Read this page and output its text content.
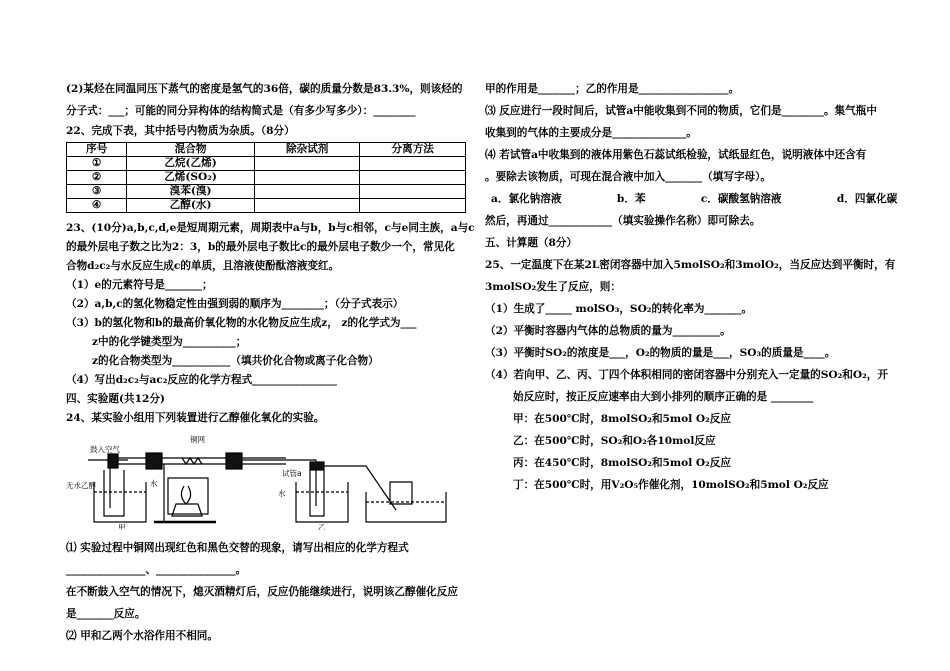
(2)某烃在同温同压下蒸气的密度是氢气的36倍，碳的质量分数是83.3%，则该烃的
分子式：___；可能的同分异构体的结构简式是（有多少写多少）：________
22、完成下表，其中括号内物质为杂质。（8分）
序号	混合物	除杂试剂	分离方法
①	乙烷(乙烯)		
②	乙烯(SO₂)		
③	溴苯(溴)		
④	乙醇(水)		
23、(10分)a,b,c,d,e是短周期元素，周期表中a与b，b与c相邻，c与e同主族，a与c
的最外层电子数之比为2：3，b的最外层电子数比c的最外层电子数少一个，常见化
合物d₂c₂与水反应生成c的单质，且溶液使酚酞溶液变红。
（1）e的元素符号是_______；
（2）a,b,c的氢化物稳定性由强到弱的顺序为________；（分子式表示）
（3）b的氢化物和b的最高价氧化物的水化物反应生成z， z的化学式为___
z中的化学键类型为__________；
z的化合物类型为___________（填共价化合物或离子化合物）
（4）写出d₂c₂与ac₂反应的化学方程式________________
四、实验题(共12分)
24、某实验小组用下列装置进行乙醇催化氧化的实验。
鼓入空气
铜网
无水乙醇	水
试管a
水
甲	乙
⑴ 实验过程中铜网出现红色和黑色交替的现象，请写出相应的化学方程式
_______________、_______________。
在不断鼓入空气的情况下，熄灭酒精灯后，反应仍能继续进行，说明该乙醇催化反应
是_______反应。
⑵ 甲和乙两个水浴作用不相同。
甲的作用是_______；乙的作用是_________________。
⑶ 反应进行一段时间后，试管a中能收集到不同的物质，它们是________。集气瓶中
收集到的气体的主要成分是______________。
⑷ 若试管a中收集到的液体用紫色石蕊试纸检验，试纸显红色，说明液体中还含有
。要除去该物质，可现在混合液中加入_______（填写字母）。
a．氯化钠溶液	b．苯	c．碳酸氢钠溶液	d．四氯化碳
然后，再通过____________（填实验操作名称）即可除去。
五、计算题（8分）
25、一定温度下在某2L密闭容器中加入5molSO₂和3molO₂，当反应达到平衡时，有
3molSO₂发生了反应，则：
（1）生成了_____ molSO₃，SO₂的转化率为_______。
（2）平衡时容器内气体的总物质的量为_________。
（3）平衡时SO₂的浓度是___，O₂的物质的量是___，SO₃的质量是____。
（4）若向甲、乙、丙、丁四个体积相同的密闭容器中分别充入一定量的SO₂和O₂，开
始反应时，按正反应速率由大到小排列的顺序正确的是 ________
甲：在500℃时，8molSO₂和5mol O₂反应
乙：在500℃时，SO₂和O₂各10mol反应
丙：在450℃时，8molSO₂和5mol O₂反应
丁：在500℃时，用V₂O₅作催化剂，10molSO₂和5mol O₂反应
